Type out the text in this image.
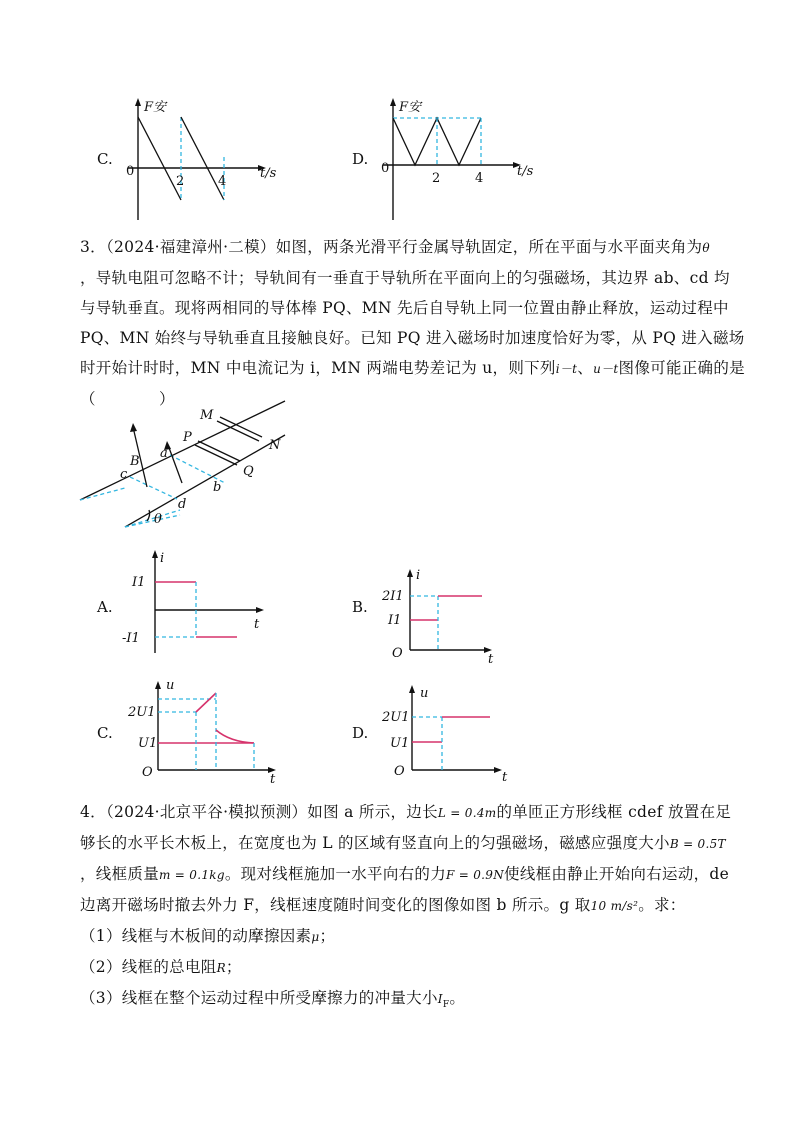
C.
F安
0
2	4
t/s
D.
F安
0
2	4	t/s
3．（2024·福建漳州·二模）如图，两条光滑平行金属导轨固定，所在平面与水平面夹角为θ
，导轨电阻可忽略不计；导轨间有一垂直于导轨所在平面向上的匀强磁场，其边界 ab、cd 均
与导轨垂直。现将两相同的导体棒 PQ、MN 先后自导轨上同一位置由静止释放，运动过程中
PQ、MN 始终与导轨垂直且接触良好。已知 PQ 进入磁场时加速度恰好为零，从 PQ 进入磁场
时开始计时时，MN 中电流记为 i，MN 两端电势差记为 u，则下列i－t、u－t图像可能正确的是
（　　　　）
M
P
N
Q
a
B
c
b
d
θ
A.
i
I1
-I1
t
B.
i
2I1
I1
O	t
C.
u
2U1
U1
O	t
D.
u
2U1
U1
O	t
4．（2024·北京平谷·模拟预测）如图 a 所示，边长L = 0.4m的单匝正方形线框 cdef 放置在足
够长的水平长木板上，在宽度也为 L 的区域有竖直向上的匀强磁场，磁感应强度大小B = 0.5T
，线框质量m = 0.1kg。现对线框施加一水平向右的力F = 0.9N使线框由静止开始向右运动，de
边离开磁场时撤去外力 F，线框速度随时间变化的图像如图 b 所示。g 取10 m/s²。求：
（1）线框与木板间的动摩擦因素μ；
（2）线框的总电阻R；
（3）线框在整个运动过程中所受摩擦力的冲量大小$I_F$。
